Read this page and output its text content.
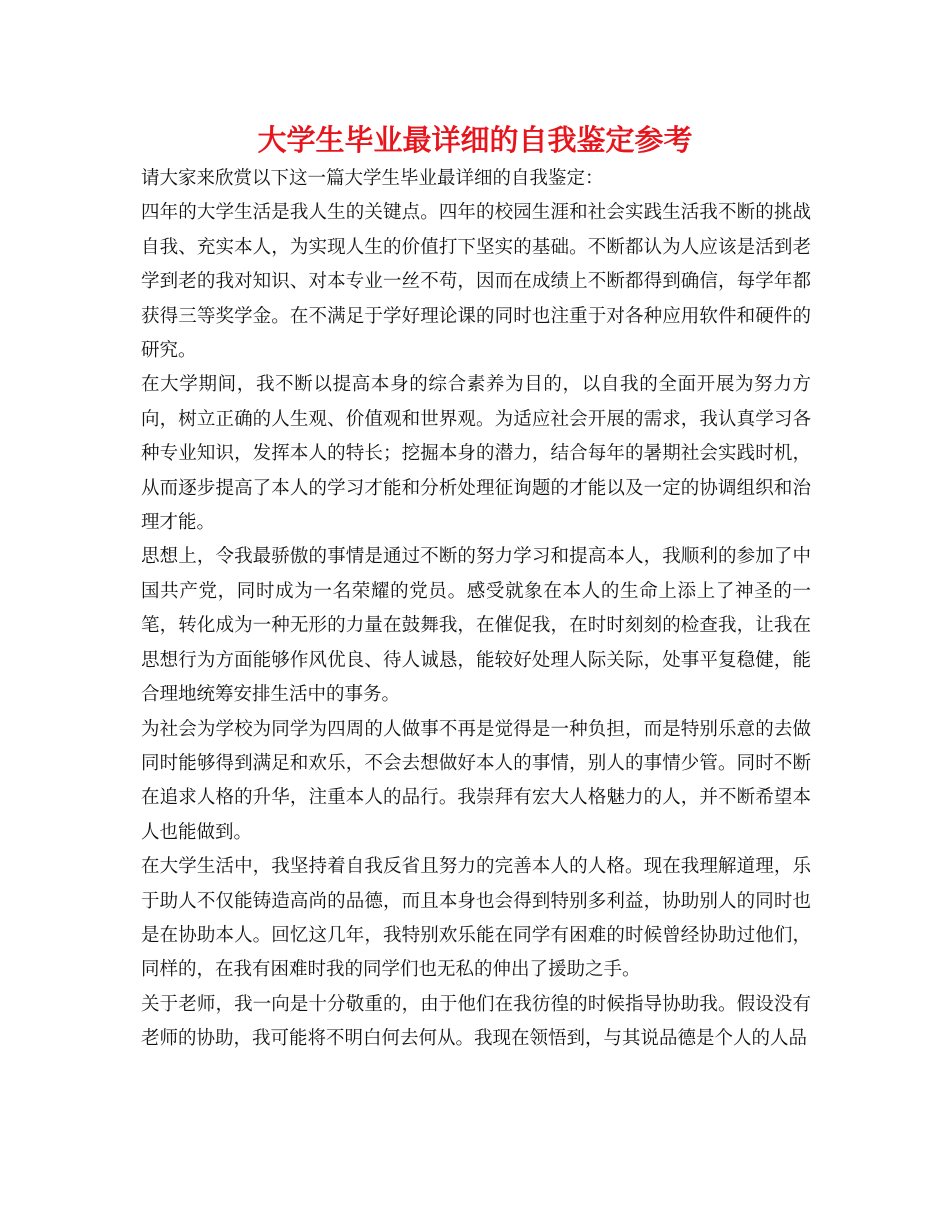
大学生毕业最详细的自我鉴定参考

请大家来欣赏以下这一篇大学生毕业最详细的自我鉴定：

四年的大学生活是我人生的关键点。四年的校园生涯和社会实践生活我不断的挑战自我、充实本人，为实现人生的价值打下坚实的基础。不断都认为人应该是活到老学到老的我对知识、对本专业一丝不苟，因而在成绩上不断都得到确信，每学年都获得三等奖学金。在不满足于学好理论课的同时也注重于对各种应用软件和硬件的研究。

在大学期间，我不断以提高本身的综合素养为目的，以自我的全面开展为努力方向，树立正确的人生观、价值观和世界观。为适应社会开展的需求，我认真学习各种专业知识，发挥本人的特长；挖掘本身的潜力，结合每年的暑期社会实践时机，从而逐步提高了本人的学习才能和分析处理征询题的才能以及一定的协调组织和治理才能。

思想上，令我最骄傲的事情是通过不断的努力学习和提高本人，我顺利的参加了中国共产党，同时成为一名荣耀的党员。感受就象在本人的生命上添上了神圣的一笔，转化成为一种无形的力量在鼓舞我，在催促我，在时时刻刻的检查我，让我在思想行为方面能够作风优良、待人诚恳，能较好处理人际关际，处事平复稳健，能合理地统筹安排生活中的事务。

为社会为学校为同学为四周的人做事不再是觉得是一种负担，而是特别乐意的去做同时能够得到满足和欢乐，不会去想做好本人的事情，别人的事情少管。同时不断在追求人格的升华，注重本人的品行。我崇拜有宏大人格魅力的人，并不断希望本人也能做到。

在大学生活中，我坚持着自我反省且努力的完善本人的人格。现在我理解道理，乐于助人不仅能铸造高尚的品德，而且本身也会得到特别多利益，协助别人的同时也是在协助本人。回忆这几年，我特别欢乐能在同学有困难的时候曾经协助过他们，同样的，在我有困难时我的同学们也无私的伸出了援助之手。

关于老师，我一向是十分敬重的，由于他们在我彷徨的时候指导协助我。假设没有老师的协助，我可能将不明白何去何从。我现在领悟到，与其说品德是个人的人品
